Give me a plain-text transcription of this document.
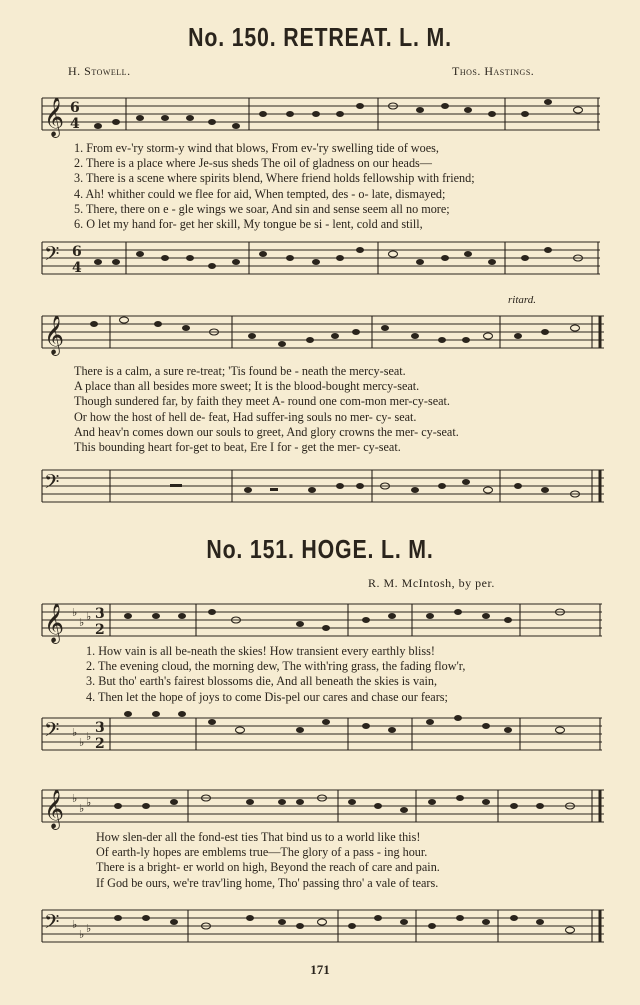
No. 150. RETREAT. L. M.
H. Stowell.	Thos. Hastings.
𝄞 6
4
1. From ev-'ry storm-y wind that blows, From ev-'ry swelling tide of woes,
2. There is a place where Je-sus sheds The oil of gladness on our heads—
3. There is a scene where spirits blend, Where friend holds fellowship with friend;
4. Ah! whither could we flee for aid, When tempted, des - o- late, dismayed;
5. There, there on e - gle wings we soar, And sin and sense seem all no more;
6. O let my hand for- get her skill, My tongue be si - lent, cold and still,
𝄢 6
4
ritard.
𝄞
There is a calm, a sure re-treat; 'Tis found be - neath the mercy-seat.
A place than all besides more sweet; It is the blood-bought mercy-seat.
Though sundered far, by faith they meet A- round one com-mon mer-cy-seat.
Or how the host of hell de- feat, Had suffer-ing souls no mer- cy- seat.
And heav'n comes down our souls to greet, And glory crowns the mer- cy-seat.
This bounding heart for-get to beat, Ere I for - get the mer- cy-seat.
𝄢
No. 151. HOGE. L. M.
R. M. McIntosh, by per.
𝄞 ♭
♭ ♭ 3
2
1. How vain is all be-neath the skies! How transient every earthly bliss!
2. The evening cloud, the morning dew, The with'ring grass, the fading flow'r,
3. But tho' earth's fairest blossoms die, And all beneath the skies is vain,
4. Then let the hope of joys to come Dis-pel our cares and chase our fears;
𝄢 ♭
♭ ♭
3
2
𝄞 ♭
♭ ♭
How slen-der all the fond-est ties That bind us to a world like this!
Of earth-ly hopes are emblems true—The glory of a pass - ing hour.
There is a bright- er world on high, Beyond the reach of care and pain.
If God be ours, we're trav'ling home, Tho' passing thro' a vale of tears.
𝄢 ♭
♭ ♭
171
